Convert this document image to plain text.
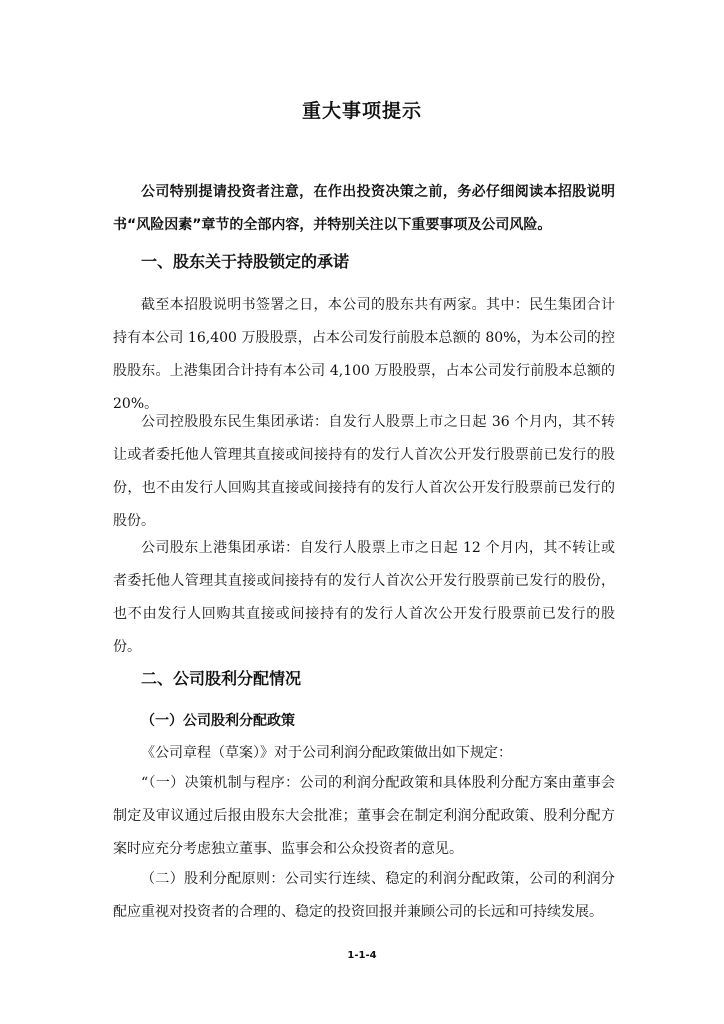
重大事项提示

公司特别提请投资者注意，在作出投资决策之前，务必仔细阅读本招股说明书“风险因素”章节的全部内容，并特别关注以下重要事项及公司风险。

一、股东关于持股锁定的承诺

截至本招股说明书签署之日，本公司的股东共有两家。其中：民生集团合计持有本公司 16,400 万股股票，占本公司发行前股本总额的 80%，为本公司的控股股东。上港集团合计持有本公司 4,100 万股股票，占本公司发行前股本总额的 20%。

公司控股股东民生集团承诺：自发行人股票上市之日起 36 个月内，其不转让或者委托他人管理其直接或间接持有的发行人首次公开发行股票前已发行的股份，也不由发行人回购其直接或间接持有的发行人首次公开发行股票前已发行的股份。

公司股东上港集团承诺：自发行人股票上市之日起 12 个月内，其不转让或者委托他人管理其直接或间接持有的发行人首次公开发行股票前已发行的股份，也不由发行人回购其直接或间接持有的发行人首次公开发行股票前已发行的股份。

二、公司股利分配情况
（一）公司股利分配政策

《公司章程（草案）》对于公司利润分配政策做出如下规定：

“（一）决策机制与程序：公司的利润分配政策和具体股利分配方案由董事会制定及审议通过后报由股东大会批准；董事会在制定利润分配政策、股利分配方案时应充分考虑独立董事、监事会和公众投资者的意见。

（二）股利分配原则：公司实行连续、稳定的利润分配政策，公司的利润分配应重视对投资者的合理的、稳定的投资回报并兼顾公司的长远和可持续发展。

1-1-4
